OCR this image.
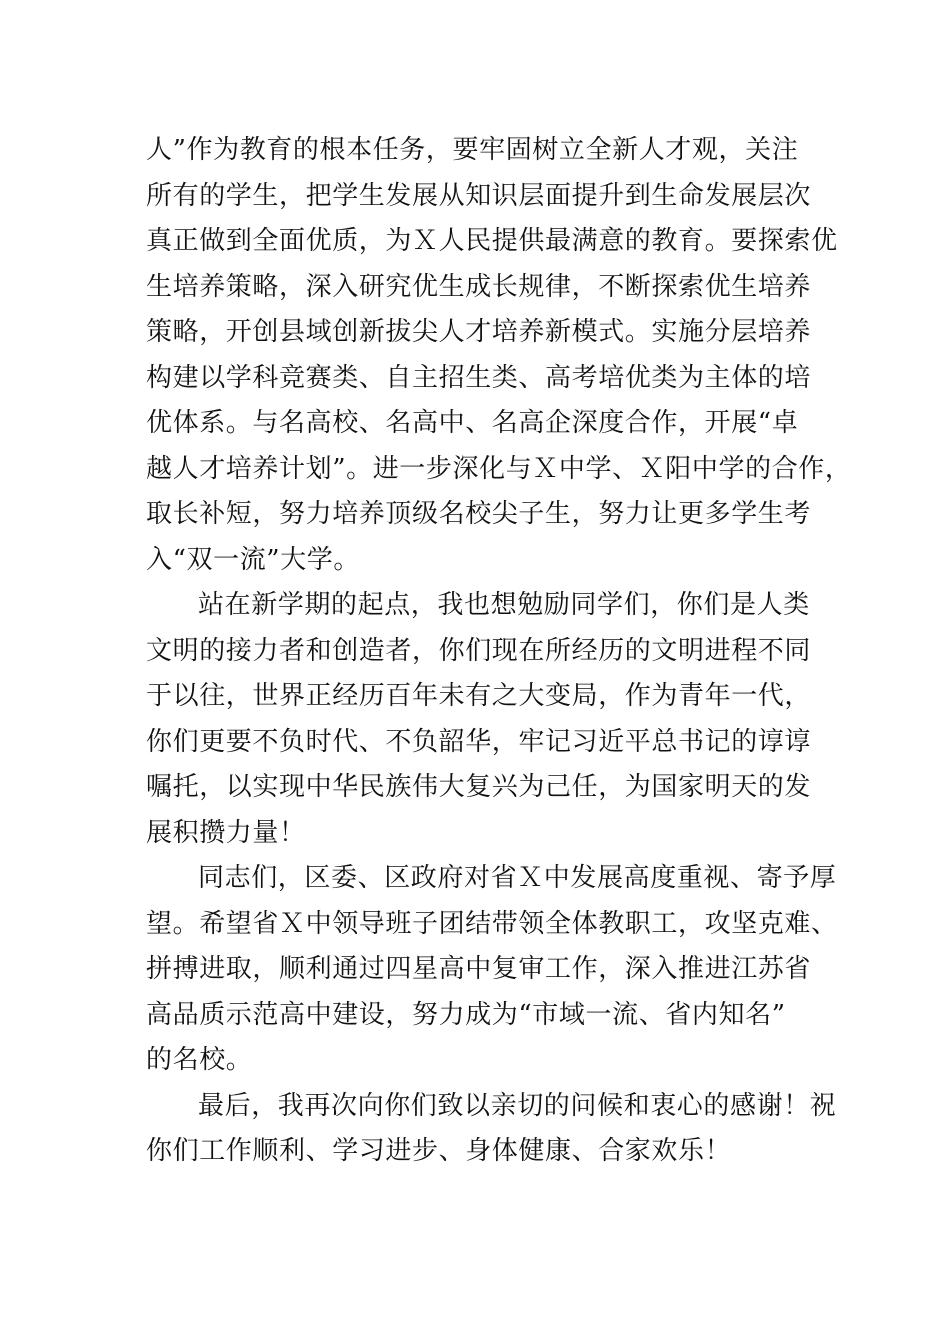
人”作为教育的根本任务，要牢固树立全新人才观，关注
所有的学生，把学生发展从知识层面提升到生命发展层次
真正做到全面优质，为Ｘ人民提供最满意的教育。要探索优
生培养策略，深入研究优生成长规律，不断探索优生培养
策略，开创县域创新拔尖人才培养新模式。实施分层培养
构建以学科竞赛类、自主招生类、高考培优类为主体的培
优体系。与名高校、名高中、名高企深度合作，开展“卓
越人才培养计划”。进一步深化与Ｘ中学、Ｘ阳中学的合作，
取长补短，努力培养顶级名校尖子生，努力让更多学生考
入“双一流”大学。
站在新学期的起点，我也想勉励同学们，你们是人类
文明的接力者和创造者，你们现在所经历的文明进程不同
于以往，世界正经历百年未有之大变局，作为青年一代，
你们更要不负时代、不负韶华，牢记习近平总书记的谆谆
嘱托，以实现中华民族伟大复兴为己任，为国家明天的发
展积攒力量！
同志们，区委、区政府对省Ｘ中发展高度重视、寄予厚
望。希望省Ｘ中领导班子团结带领全体教职工，攻坚克难、
拼搏进取，顺利通过四星高中复审工作，深入推进江苏省
高品质示范高中建设，努力成为“市域一流、省内知名”
的名校。
最后，我再次向你们致以亲切的问候和衷心的感谢！祝
你们工作顺利、学习进步、身体健康、合家欢乐！
